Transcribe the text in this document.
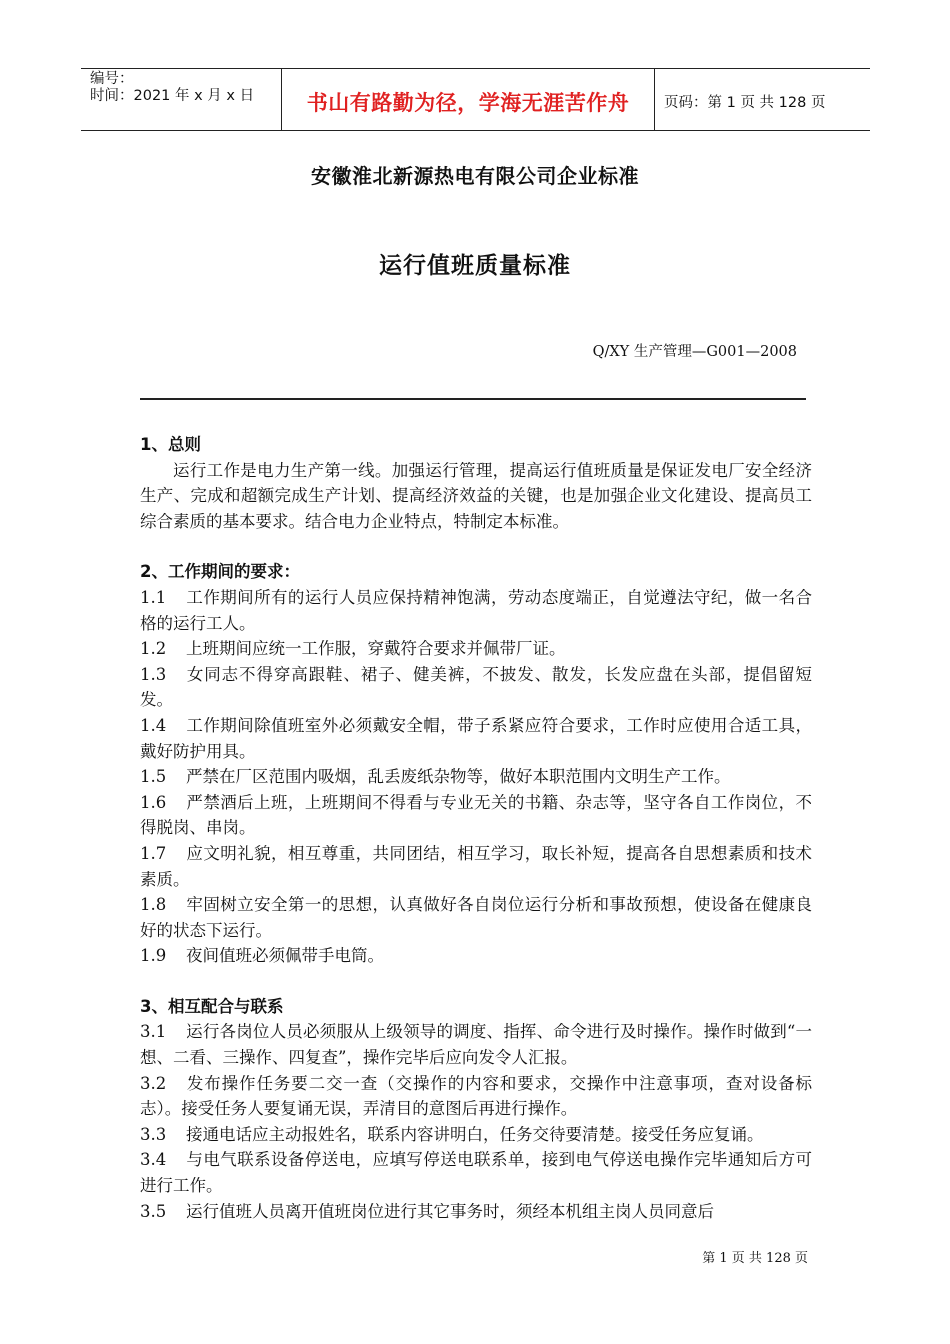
编号：
时间：2021 年 x 月 x 日	书山有路勤为径，学海无涯苦作舟	页码：第 1 页 共 128 页
安徽淮北新源热电有限公司企业标准
运行值班质量标准
Q/XY 生产管理—G001—2008

1、总则

运行工作是电力生产第一线。加强运行管理，提高运行值班质量是保证发电厂安全经济生产、完成和超额完成生产计划、提高经济效益的关键，也是加强企业文化建设、提高员工综合素质的基本要求。结合电力企业特点，特制定本标准。

2、工作期间的要求：

1.1 工作期间所有的运行人员应保持精神饱满，劳动态度端正，自觉遵法守纪，做一名合格的运行工人。

1.2 上班期间应统一工作服，穿戴符合要求并佩带厂证。

1.3 女同志不得穿高跟鞋、裙子、健美裤，不披发、散发，长发应盘在头部，提倡留短发。

1.4 工作期间除值班室外必须戴安全帽，带子系紧应符合要求，工作时应使用合适工具，戴好防护用具。

1.5 严禁在厂区范围内吸烟，乱丢废纸杂物等，做好本职范围内文明生产工作。

1.6 严禁酒后上班，上班期间不得看与专业无关的书籍、杂志等，坚守各自工作岗位，不得脱岗、串岗。

1.7 应文明礼貌，相互尊重，共同团结，相互学习，取长补短，提高各自思想素质和技术素质。

1.8 牢固树立安全第一的思想，认真做好各自岗位运行分析和事故预想，使设备在健康良好的状态下运行。

1.9 夜间值班必须佩带手电筒。

3、相互配合与联系

3.1 运行各岗位人员必须服从上级领导的调度、指挥、命令进行及时操作。操作时做到“一想、二看、三操作、四复查”，操作完毕后应向发令人汇报。

3.2 发布操作任务要二交一查（交操作的内容和要求，交操作中注意事项，查对设备标志）。接受任务人要复诵无误，弄清目的意图后再进行操作。

3.3 接通电话应主动报姓名，联系内容讲明白，任务交待要清楚。接受任务应复诵。

3.4 与电气联系设备停送电，应填写停送电联系单，接到电气停送电操作完毕通知后方可进行工作。

3.5 运行值班人员离开值班岗位进行其它事务时，须经本机组主岗人员同意后

第 1 页 共 128 页
